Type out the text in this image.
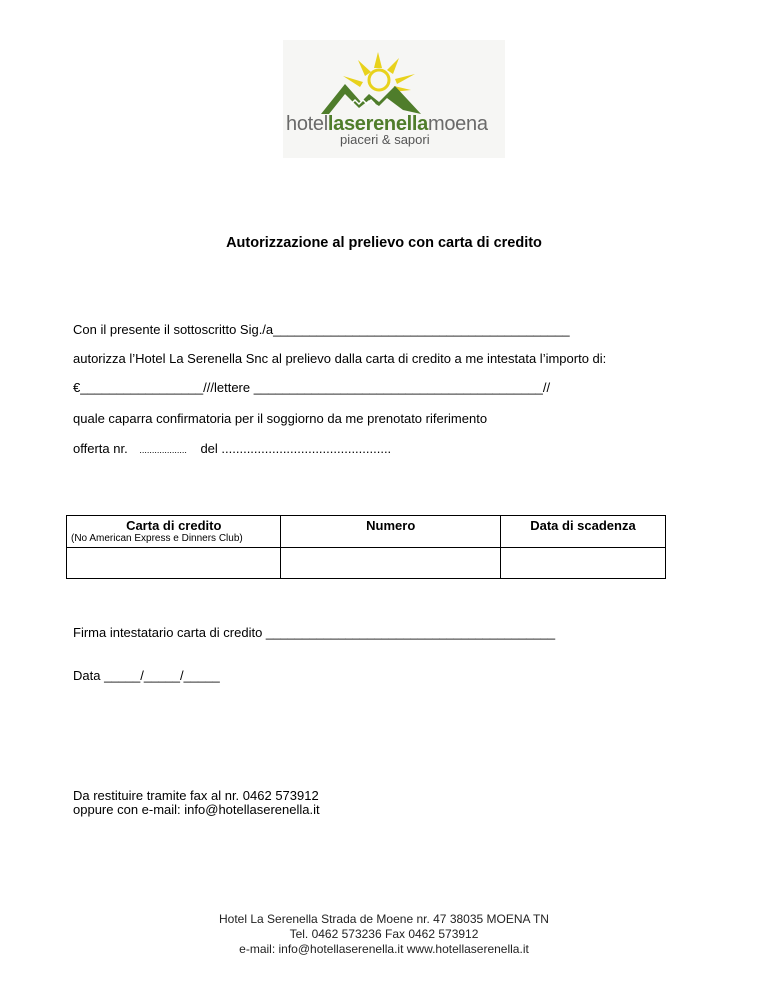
hotellaserenellamoena
piaceri & sapori
Autorizzazione al prelievo con carta di credito
Con il presente il sottoscritto Sig./a_________________________________________
autorizza l’Hotel La Serenella Snc al prelievo dalla carta di credito a me intestata l’importo di:
€_________________///lettere ________________________________________//
quale caparra confirmatoria per il soggiorno da me prenotato riferimento
offerta nr. ................... del ...............................................
Carta di credito
(No American Express e Dinners Club)	Numero	Data di scadenza

Firma intestatario carta di credito ________________________________________
Data _____/_____/_____
Da restituire tramite fax al nr. 0462 573912
oppure con e-mail: info@hotellaserenella.it
Hotel La Serenella Strada de Moene nr. 47 38035 MOENA TN
Tel. 0462 573236 Fax 0462 573912
e-mail: info@hotellaserenella.it www.hotellaserenella.it
